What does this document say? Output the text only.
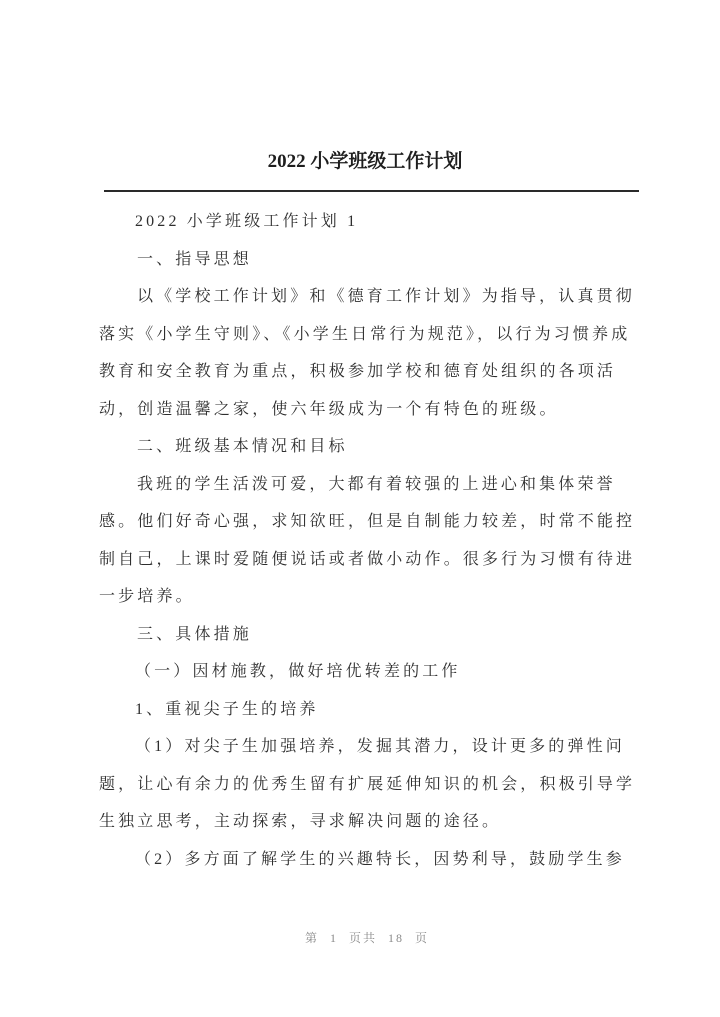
2022 小学班级工作计划
2022 小学班级工作计划 1
一、指导思想
以《学校工作计划》和《德育工作计划》为指导，认真贯彻
落实《小学生守则》、《小学生日常行为规范》，以行为习惯养成
教育和安全教育为重点，积极参加学校和德育处组织的各项活
动，创造温馨之家，使六年级成为一个有特色的班级。
二、班级基本情况和目标
我班的学生活泼可爱，大都有着较强的上进心和集体荣誉
感。他们好奇心强，求知欲旺，但是自制能力较差，时常不能控
制自己，上课时爱随便说话或者做小动作。很多行为习惯有待进
一步培养。
三、具体措施
（一）因材施教，做好培优转差的工作
1、重视尖子生的培养
（1）对尖子生加强培养，发掘其潜力，设计更多的弹性问
题，让心有余力的优秀生留有扩展延伸知识的机会，积极引导学
生独立思考，主动探索，寻求解决问题的途径。
（2）多方面了解学生的兴趣特长，因势利导，鼓励学生参
第 1 页共 18 页
